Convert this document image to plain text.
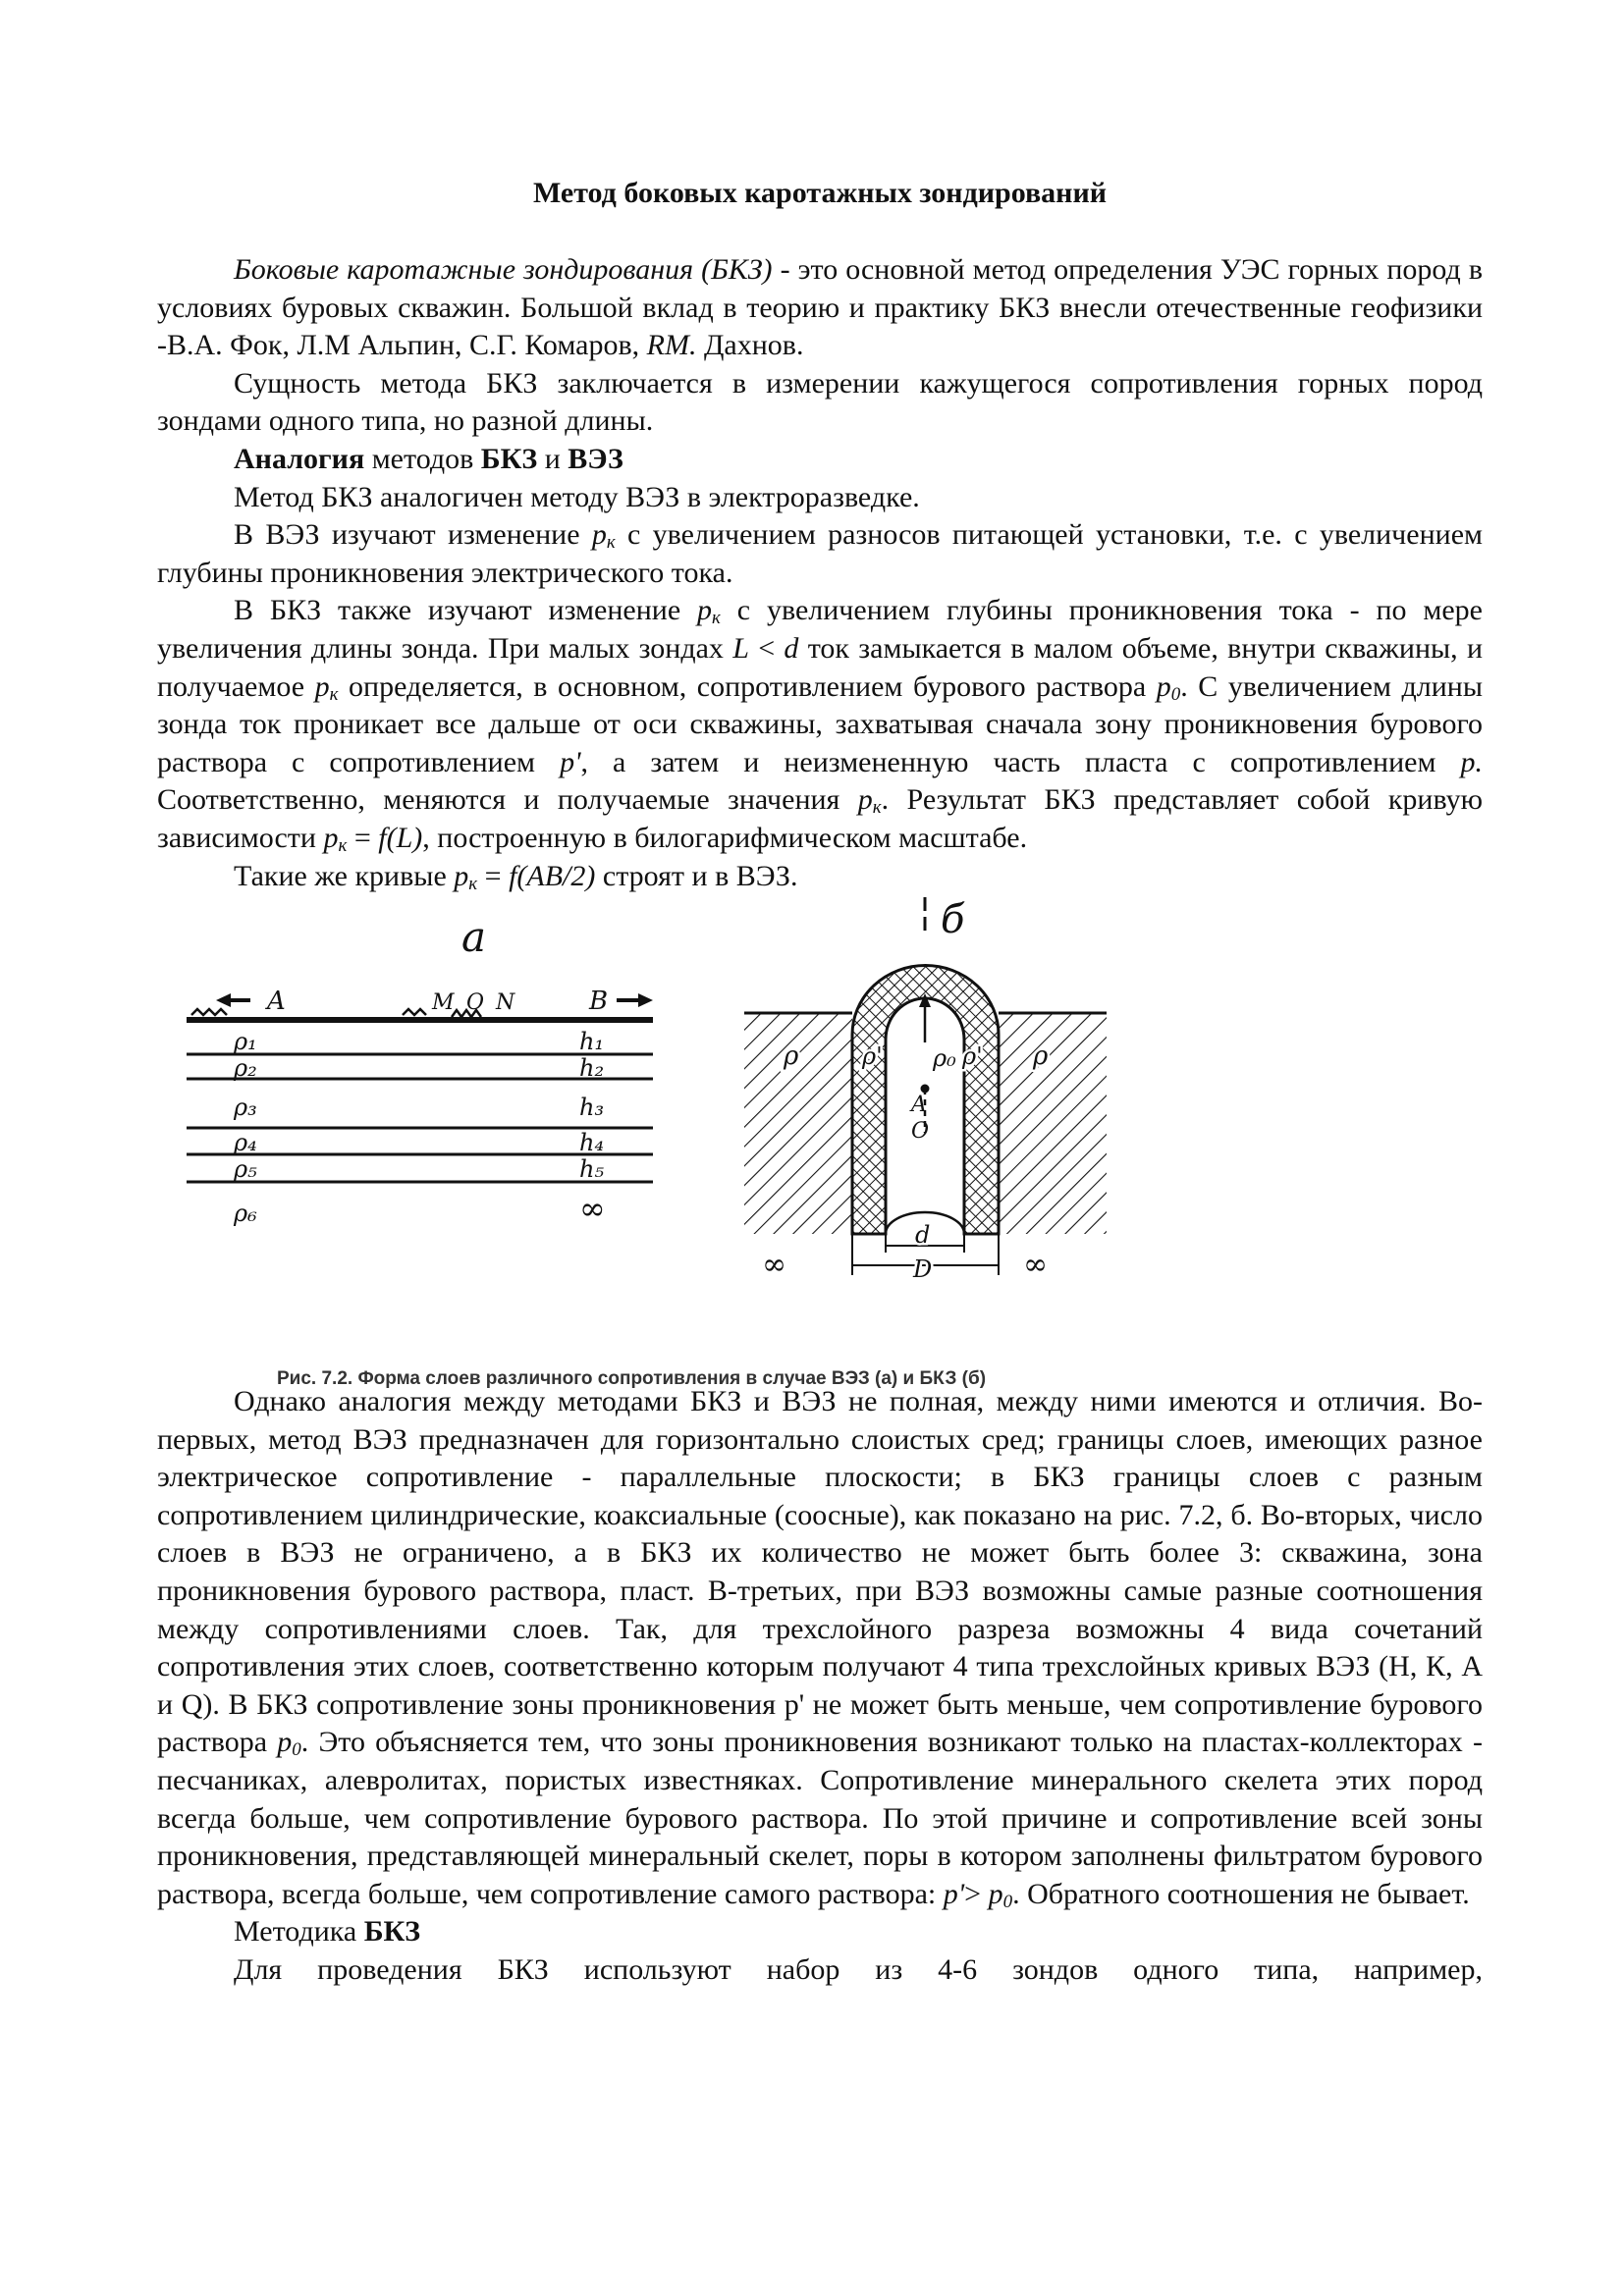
Метод боковых каротажных зондирований

Боковые каротажные зондирования (БКЗ) - это основной метод определения УЭС горных пород в условиях буровых скважин. Большой вклад в теорию и практику БКЗ внесли отечественные геофизики -В.А. Фок, Л.М Альпин, С.Г. Комаров, RM. Дахнов.

Сущность метода БКЗ заключается в измерении кажущегося сопротивления горных пород зондами одного типа, но разной длины.

Аналогия методов БКЗ и ВЭЗ

Метод БКЗ аналогичен методу ВЭЗ в электроразведке.

В ВЭЗ изучают изменение $p_к$ с увеличением разносов питающей установки, т.е. с увеличением глубины проникновения электрического тока.

В БКЗ также изучают изменение $p_к$ с увеличением глубины проникновения тока - по мере увеличения длины зонда. При малых зондах L < d ток замыкается в малом объеме, внутри скважины, и получаемое $p_к$ определяется, в основном, сопротивлением бурового раствора $p_0$. С увеличением длины зонда ток проникает все дальше от оси скважины, захватывая сначала зону проникновения бурового раствора с сопротивлением p', а затем и неизмененную часть пласта с сопротивлением p. Соответственно, меняются и получаемые значения $p_к$. Результат БКЗ представляет собой кривую зависимости $p_к = f(L)$, построенную в билогарифмическом масштабе.

Такие же кривые $p_к = f(AB/2)$ строят и в ВЭЗ.

a
A	M O N	B
ρ₁
ρ₂
ρ₃
ρ₄
ρ₅
ρ₆
h₁
h₂
h₃
h₄
h₅
∞
б
ρ	ρ' ρ₀ ρ' ρ
A
O
d
D
∞	∞
Рис. 7.2. Форма слоев различного сопротивления в случае ВЭЗ (а) и БКЗ (б)

Однако аналогия между методами БКЗ и ВЭЗ не полная, между ними имеются и отличия. Во-первых, метод ВЭЗ предназначен для горизонтально слоистых сред; границы слоев, имеющих разное электрическое сопротивление - параллельные плоскости; в БКЗ границы слоев с разным сопротивлением цилиндрические, коаксиальные (соосные), как показано на рис. 7.2, б. Во-вторых, число слоев в ВЭЗ не ограничено, а в БКЗ их количество не может быть более 3: скважина, зона проникновения бурового раствора, пласт. В-третьих, при ВЭЗ возможны самые разные соотношения между сопротивлениями слоев. Так, для трехслойного разреза возможны 4 вида сочетаний сопротивления этих слоев, соответственно которым получают 4 типа трехслойных кривых ВЭЗ (Н, К, А и Q). В БКЗ сопротивление зоны проникновения р' не может быть меньше, чем сопротивление бурового раствора $p_0$. Это объясняется тем, что зоны проникновения возникают только на пластах-коллекторах - песчаниках, алевролитах, пористых известняках. Сопротивление минерального скелета этих пород всегда больше, чем сопротивление бурового раствора. По этой причине и сопротивление всей зоны проникновения, представляющей минеральный скелет, поры в котором заполнены фильтратом бурового раствора, всегда больше, чем сопротивление самого раствора: $p'> p_0$. Обратного соотношения не бывает.

Методика БКЗ

Для проведения БКЗ используют набор из 4-6 зондов одного типа, например,
